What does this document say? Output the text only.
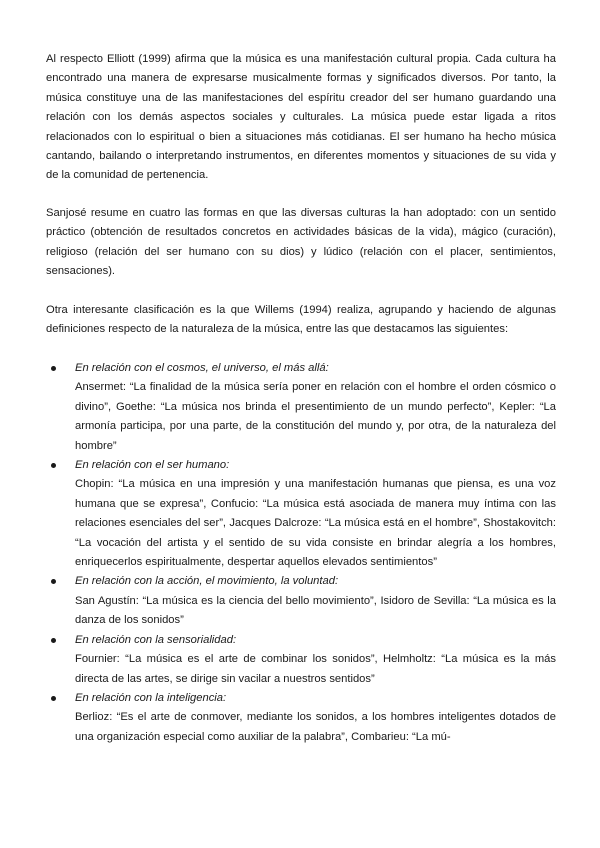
Al respecto Elliott (1999) afirma que la música es una manifestación cultural propia. Cada cultura ha encontrado una manera de expresarse musicalmente formas y significados diversos. Por tanto, la música constituye una de las manifestaciones del espíritu creador del ser humano guardando una relación con los demás aspectos sociales y culturales. La música puede estar ligada a ritos relacionados con lo espiritual o bien a situaciones más cotidianas. El ser humano ha hecho música cantando, bailando o interpretando instrumentos, en diferentes momentos y situaciones de su vida y de la comunidad de pertenencia.

Sanjosé resume en cuatro las formas en que las diversas culturas la han adoptado: con un sentido práctico (obtención de resultados concretos en actividades básicas de la vida), mágico (curación), religioso (relación del ser humano con su dios) y lúdico (relación con el placer, sentimientos, sensaciones).

Otra interesante clasificación es la que Willems (1994) realiza, agrupando y haciendo de algunas definiciones respecto de la naturaleza de la música, entre las que destacamos las siguientes:

En relación con el cosmos, el universo, el más allá:
Ansermet: “La finalidad de la música sería poner en relación con el hombre el orden cósmico o divino”, Goethe: “La música nos brinda el presentimiento de un mundo perfecto”, Kepler: “La armonía participa, por una parte, de la constitución del mundo y, por otra, de la naturaleza del hombre”
En relación con el ser humano:
Chopin: “La música en una impresión y una manifestación humanas que piensa, es una voz humana que se expresa”, Confucio: “La música está asociada de manera muy íntima con las relaciones esenciales del ser”, Jacques Dalcroze: “La música está en el hombre”, Shostakovitch: “La vocación del artista y el sentido de su vida consiste en brindar alegría a los hombres, enriquecerlos espiritualmente, despertar aquellos elevados sentimientos”
En relación con la acción, el movimiento, la voluntad:
San Agustín: “La música es la ciencia del bello movimiento”, Isidoro de Sevilla: “La música es la danza de los sonidos”
En relación con la sensorialidad:
Fournier: “La música es el arte de combinar los sonidos”, Helmholtz: “La música es la más directa de las artes, se dirige sin vacilar a nuestros sentidos”
En relación con la inteligencia:
Berlioz: “Es el arte de conmover, mediante los sonidos, a los hombres inteligentes dotados de una organización especial como auxiliar de la palabra”, Combarieu: “La mú-
